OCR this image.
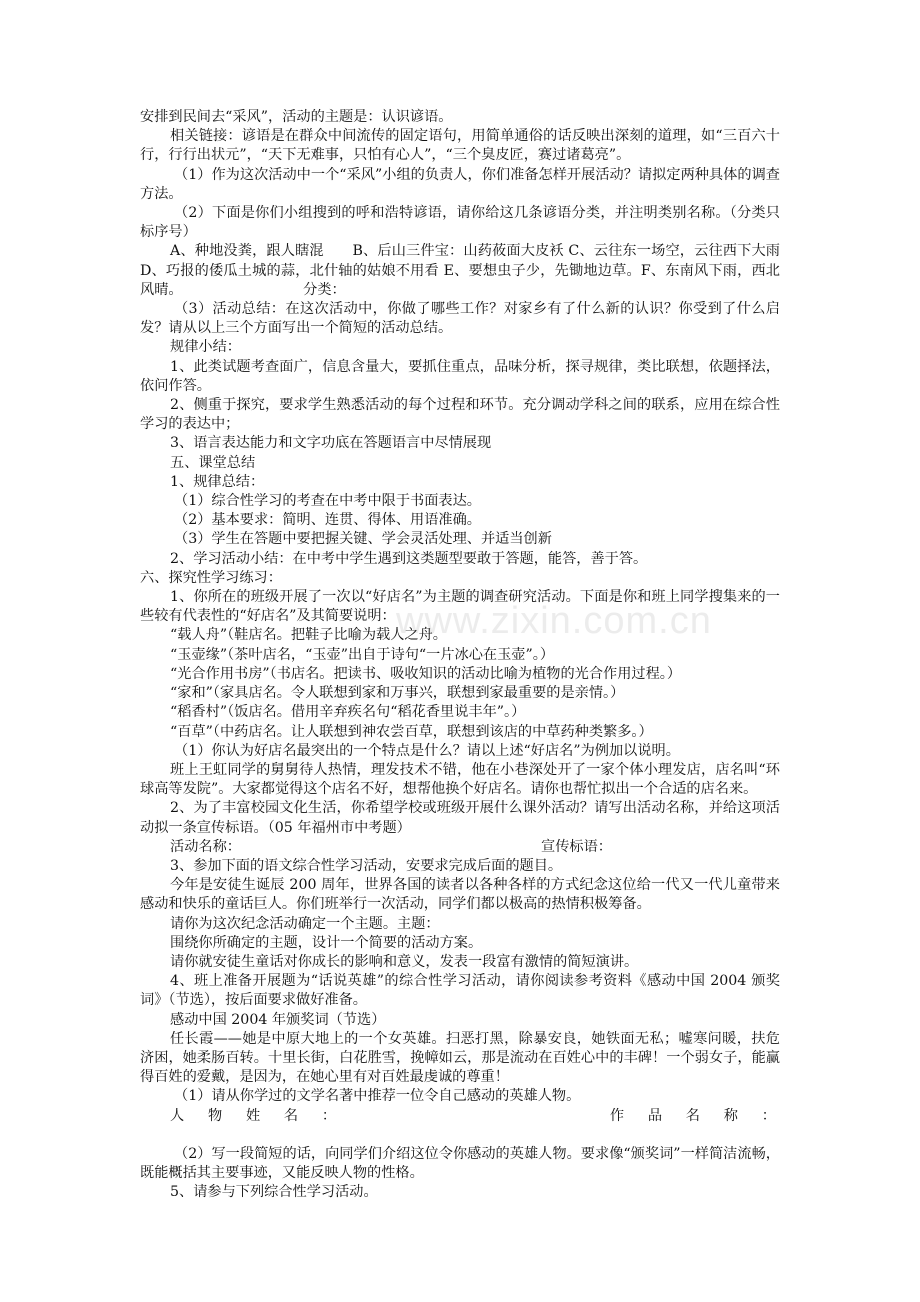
www.zixin.com.cn

安排到民间去“采风”，活动的主题是：认识谚语。

相关链接：谚语是在群众中间流传的固定语句，用简单通俗的话反映出深刻的道理，如“三百六十行，行行出状元”，“天下无难事，只怕有心人”，“三个臭皮匠，赛过诸葛亮”。

（1）作为这次活动中一个“采风”小组的负责人，你们准备怎样开展活动？请拟定两种具体的调查方法。

（2）下面是你们小组搜到的呼和浩特谚语，请你给这几条谚语分类，并注明类别名称。（分类只标序号）

A、种地没粪，跟人瞎混　　B、后山三件宝：山药莜面大皮袄 C、云往东一场空，云往西下大雨 D、巧报的倭瓜土城的蒜，北什轴的姑娘不用看 E、要想虫子少，先锄地边草。F、东南风下雨，西北风晴。　　　　　　　　　分类：

（3）活动总结：在这次活动中，你做了哪些工作？对家乡有了什么新的认识？你受到了什么启发？请从以上三个方面写出一个简短的活动总结。

规律小结：

1、此类试题考查面广，信息含量大，要抓住重点，品味分析，探寻规律，类比联想，依题择法，依问作答。

2、侧重于探究，要求学生熟悉活动的每个过程和环节。充分调动学科之间的联系，应用在综合性学习的表达中；

3、语言表达能力和文字功底在答题语言中尽情展现

五、课堂总结

1、规律总结：

（1）综合性学习的考查在中考中限于书面表达。

（2）基本要求：简明、连贯、得体、用语准确。

（3）学生在答题中要把握关键、学会灵活处理、并适当创新

2、学习活动小结：在中考中学生遇到这类题型要敢于答题，能答，善于答。

六、探究性学习练习：

1、你所在的班级开展了一次以“好店名”为主题的调查研究活动。下面是你和班上同学搜集来的一些较有代表性的“好店名”及其简要说明：

“载人舟”（鞋店名。把鞋子比喻为载人之舟。

“玉壶缘”（茶叶店名，“玉壶”出自于诗句“一片冰心在玉壶”。）

“光合作用书房”（书店名。把读书、吸收知识的活动比喻为植物的光合作用过程。）

“家和”（家具店名。令人联想到家和万事兴，联想到家最重要的是亲情。）

“稻香村”（饭店名。借用辛弃疾名句“稻花香里说丰年”。）

“百草”（中药店名。让人联想到神农尝百草，联想到该店的中草药种类繁多。）

（1）你认为好店名最突出的一个特点是什么？请以上述“好店名”为例加以说明。

班上王虹同学的舅舅待人热情，理发技术不错，他在小巷深处开了一家个体小理发店，店名叫“环球高等发院”。大家都觉得这个店名不好，想帮他换个好店名。请你也帮忙拟出一个合适的店名来。

2、为了丰富校园文化生活，你希望学校或班级开展什么课外活动？请写出活动名称，并给这项活动拟一条宣传标语。（05 年福州市中考题）

活动名称：	宣传标语：

3、参加下面的语文综合性学习活动，安要求完成后面的题目。

今年是安徒生诞辰 200 周年，世界各国的读者以各种各样的方式纪念这位给一代又一代儿童带来感动和快乐的童话巨人。你们班举行一次活动，同学们都以极高的热情积极筹备。

请你为这次纪念活动确定一个主题。主题：

围绕你所确定的主题，设计一个简要的活动方案。

请你就安徒生童话对你成长的影响和意义，发表一段富有激情的简短演讲。

4、班上准备开展题为“话说英雄”的综合性学习活动，请你阅读参考资料《感动中国 2004 颁奖词》（节选），按后面要求做好准备。

感动中国 2004 年颁奖词（节选）

任长霞——她是中原大地上的一个女英雄。扫恶打黑，除暴安良，她铁面无私；嘘寒问暖，扶危济困，她柔肠百转。十里长街，白花胜雪，挽幛如云，那是流动在百姓心中的丰碑！一个弱女子，能赢得百姓的爱戴，是因为，在她心里有对百姓最虔诚的尊重！

（1）请从你学过的文学名著中推荐一位令自己感动的英雄人物。

人 物 姓 名 ：	作 品 名 称 ：

（2）写一段简短的话，向同学们介绍这位令你感动的英雄人物。要求像“颁奖词”一样简洁流畅，既能概括其主要事迹，又能反映人物的性格。

5、请参与下列综合性学习活动。
